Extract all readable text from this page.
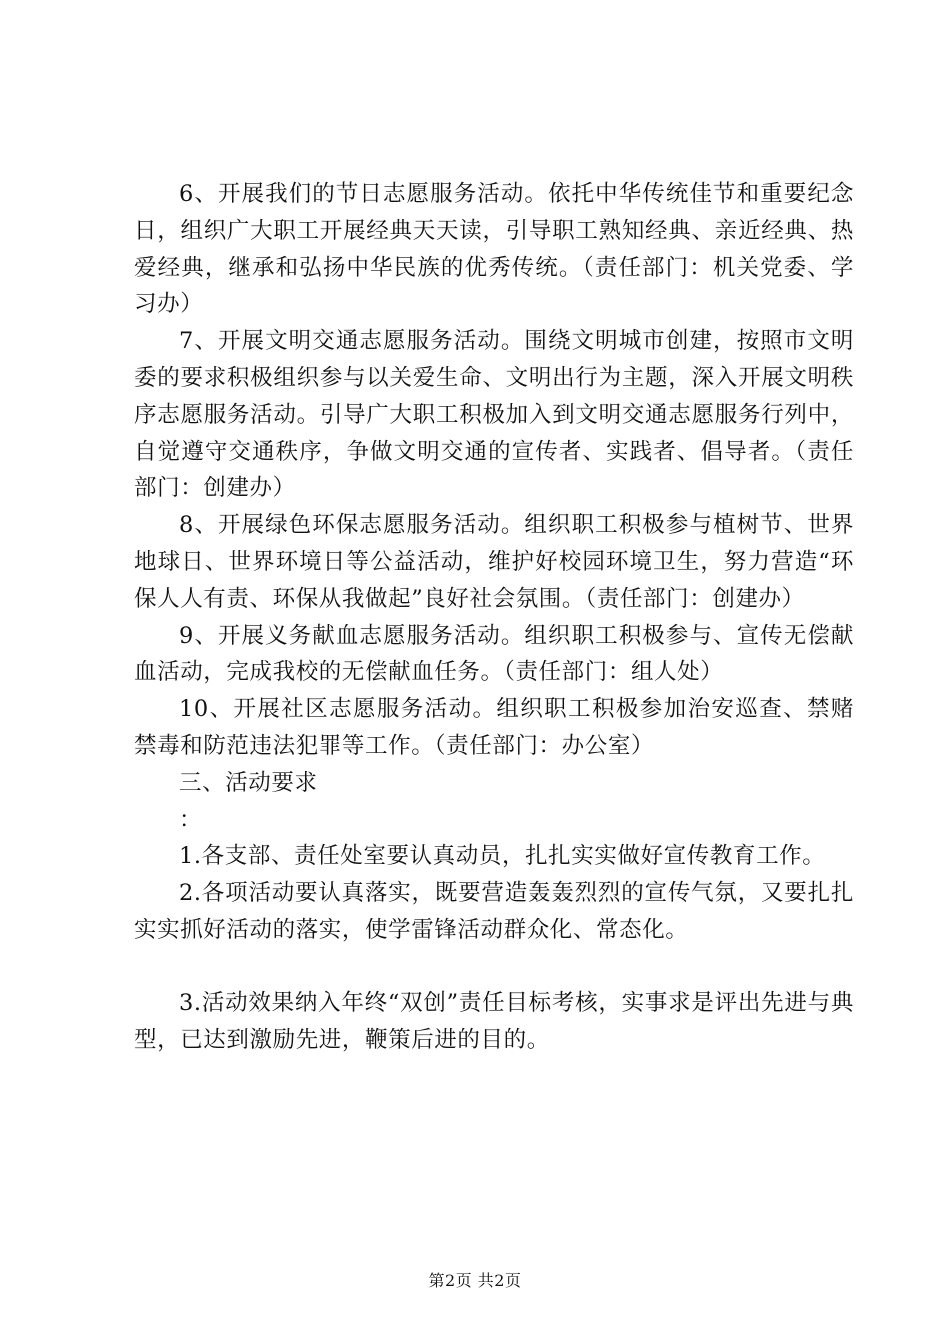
6、开展我们的节日志愿服务活动。依托中华传统佳节和重要纪念日，组织广大职工开展经典天天读，引导职工熟知经典、亲近经典、热爱经典，继承和弘扬中华民族的优秀传统。（责任部门：机关党委、学习办）

7、开展文明交通志愿服务活动。围绕文明城市创建，按照市文明委的要求积极组织参与以关爱生命、文明出行为主题，深入开展文明秩序志愿服务活动。引导广大职工积极加入到文明交通志愿服务行列中，自觉遵守交通秩序，争做文明交通的宣传者、实践者、倡导者。（责任部门：创建办）

8、开展绿色环保志愿服务活动。组织职工积极参与植树节、世界地球日、世界环境日等公益活动，维护好校园环境卫生，努力营造“环保人人有责、环保从我做起”良好社会氛围。（责任部门：创建办）

9、开展义务献血志愿服务活动。组织职工积极参与、宣传无偿献血活动，完成我校的无偿献血任务。（责任部门：组人处）

10、开展社区志愿服务活动。组织职工积极参加治安巡查、禁赌禁毒和防范违法犯罪等工作。（责任部门：办公室）

三、活动要求

：

1.各支部、责任处室要认真动员，扎扎实实做好宣传教育工作。

2.各项活动要认真落实，既要营造轰轰烈烈的宣传气氛，又要扎扎实实抓好活动的落实，使学雷锋活动群众化、常态化。

3.活动效果纳入年终“双创”责任目标考核，实事求是评出先进与典型，已达到激励先进，鞭策后进的目的。

第2页 共2页
